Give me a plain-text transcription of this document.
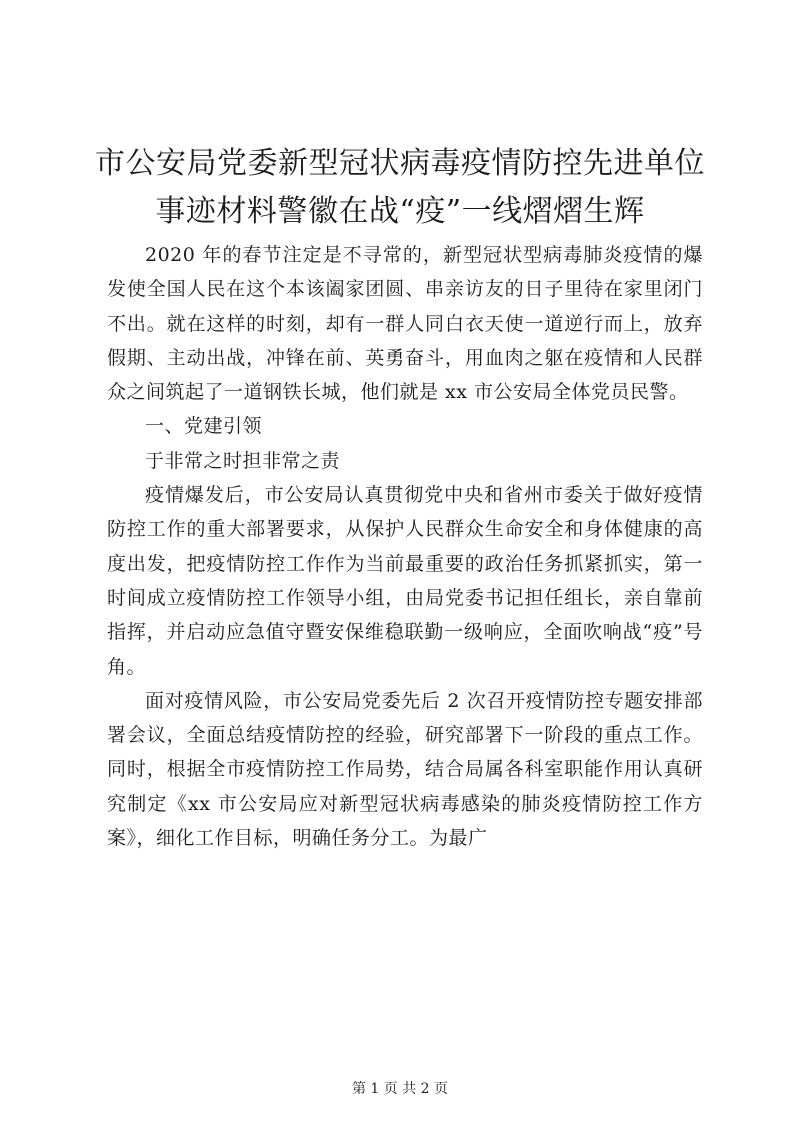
市公安局党委新型冠状病毒疫情防控先进单位
事迹材料警徽在战“疫”一线熠熠生辉

2020 年的春节注定是不寻常的，新型冠状型病毒肺炎疫情的爆发使全国人民在这个本该阖家团圆、串亲访友的日子里待在家里闭门不出。就在这样的时刻，却有一群人同白衣天使一道逆行而上，放弃假期、主动出战，冲锋在前、英勇奋斗，用血肉之躯在疫情和人民群众之间筑起了一道钢铁长城，他们就是 xx 市公安局全体党员民警。

一、党建引领

于非常之时担非常之责

疫情爆发后，市公安局认真贯彻党中央和省州市委关于做好疫情防控工作的重大部署要求，从保护人民群众生命安全和身体健康的高度出发，把疫情防控工作作为当前最重要的政治任务抓紧抓实，第一时间成立疫情防控工作领导小组，由局党委书记担任组长，亲自靠前指挥，并启动应急值守暨安保维稳联勤一级响应，全面吹响战“疫”号角。

面对疫情风险，市公安局党委先后 2 次召开疫情防控专题安排部署会议，全面总结疫情防控的经验，研究部署下一阶段的重点工作。同时，根据全市疫情防控工作局势，结合局属各科室职能作用认真研究制定《xx 市公安局应对新型冠状病毒感染的肺炎疫情防控工作方案》，细化工作目标，明确任务分工。为最广

第 1 页 共 2 页
